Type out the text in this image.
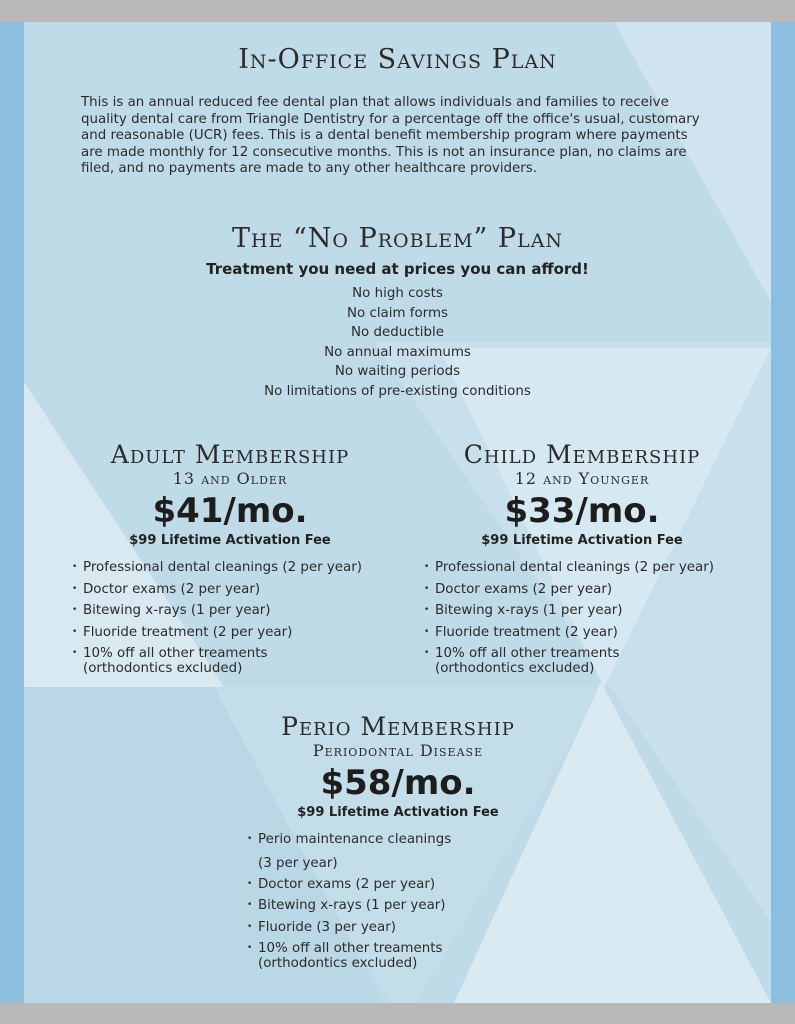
In-Office Savings Plan

This is an annual reduced fee dental plan that allows individuals and families to receive quality dental care from Triangle Dentistry for a percentage off the office's usual, customary and reasonable (UCR) fees. This is a dental benefit membership program where payments are made monthly for 12 consecutive months. This is not an insurance plan, no claims are filed, and no payments are made to any other healthcare providers.

The “No Problem” Plan
Treatment you need at prices you can afford!
No high costs
No claim forms
No deductible
No annual maximums
No waiting periods
No limitations of pre-existing conditions
Adult Membership
13 and Older
$41/mo.
$99 Lifetime Activation Fee
• Professional dental cleanings (2 per year)
• Doctor exams (2 per year)
• Bitewing x-rays (1 per year)
• Fluoride treatment (2 per year)
• 10% off all other treaments
(orthodontics excluded)
Child Membership
12 and Younger
$33/mo.
$99 Lifetime Activation Fee
• Professional dental cleanings (2 per year)
• Doctor exams (2 per year)
• Bitewing x-rays (1 per year)
• Fluoride treatment (2 year)
• 10% off all other treaments
(orthodontics excluded)
Perio Membership
Periodontal Disease
$58/mo.
$99 Lifetime Activation Fee
• Perio maintenance cleanings
(3 per year)
• Doctor exams (2 per year)
• Bitewing x-rays (1 per year)
• Fluoride (3 per year)
• 10% off all other treaments
(orthodontics excluded)
